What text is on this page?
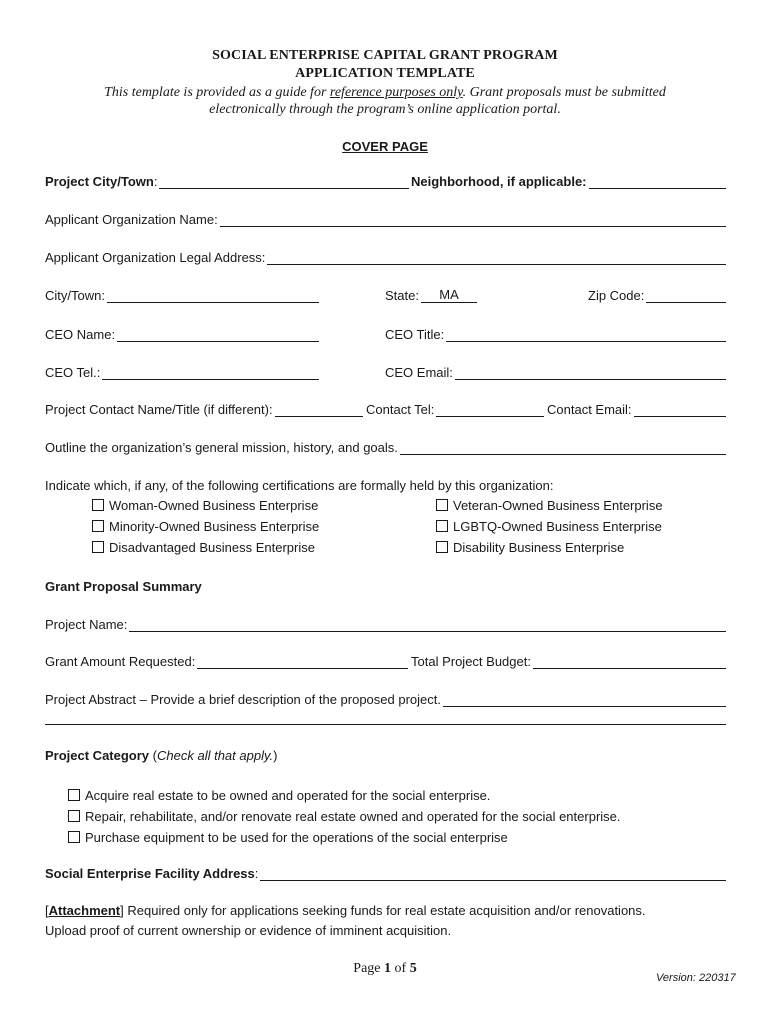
SOCIAL ENTERPRISE CAPITAL GRANT PROGRAM
APPLICATION TEMPLATE
This template is provided as a guide for reference purposes only. Grant proposals must be submitted
electronically through the program’s online application portal.
COVER PAGE
Project City/Town :	Neighborhood, if applicable:
Applicant Organization Name:
Applicant Organization Legal Address:
City/Town:	State:	MA	Zip Code:
CEO Name:	CEO Title:
CEO Tel.:	CEO Email:
Project Contact Name/Title (if different):	Contact Tel:	Contact Email:
Outline the organization’s general mission, history, and goals.
Indicate which, if any, of the following certifications are formally held by this organization:
Woman-Owned Business Enterprise
Minority-Owned Business Enterprise
Disadvantaged Business Enterprise
Veteran-Owned Business Enterprise
LGBTQ-Owned Business Enterprise
Disability Business Enterprise
Grant Proposal Summary
Project Name:
Grant Amount Requested:	Total Project Budget:
Project Abstract – Provide a brief description of the proposed project.
Project Category (Check all that apply.)
Acquire real estate to be owned and operated for the social enterprise.
Repair, rehabilitate, and/or renovate real estate owned and operated for the social enterprise.
Purchase equipment to be used for the operations of the social enterprise
Social Enterprise Facility Address :
[Attachment] Required only for applications seeking funds for real estate acquisition and/or renovations.
Upload proof of current ownership or evidence of imminent acquisition.
Page 1 of 5
Version: 220317
